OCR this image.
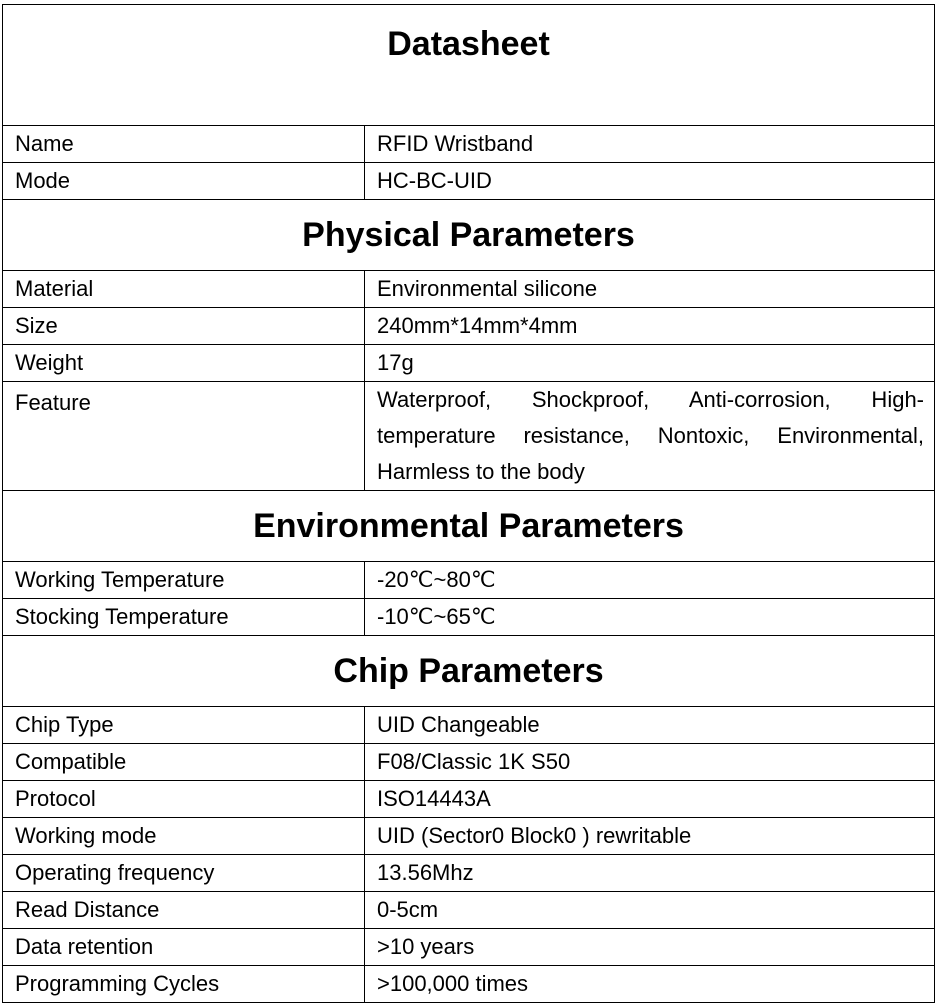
Datasheet	
Name	RFID Wristband
Mode	HC-BC-UID
Physical Parameters	
Material	Environmental silicone
Size	240mm*14mm*4mm
Weight	17g
Feature	Waterproof, Shockproof, Anti-corrosion, High-temperature resistance, Nontoxic, Environmental, Harmless to the body
Environmental Parameters	
Working Temperature	-20℃~80℃
Stocking Temperature	-10℃~65℃
Chip Parameters	
Chip Type	UID Changeable
Compatible	F08/Classic 1K S50
Protocol	ISO14443A
Working mode	UID (Sector0 Block0 ) rewritable
Operating frequency	13.56Mhz
Read Distance	0-5cm
Data retention	>10 years
Programming Cycles	>100,000 times
